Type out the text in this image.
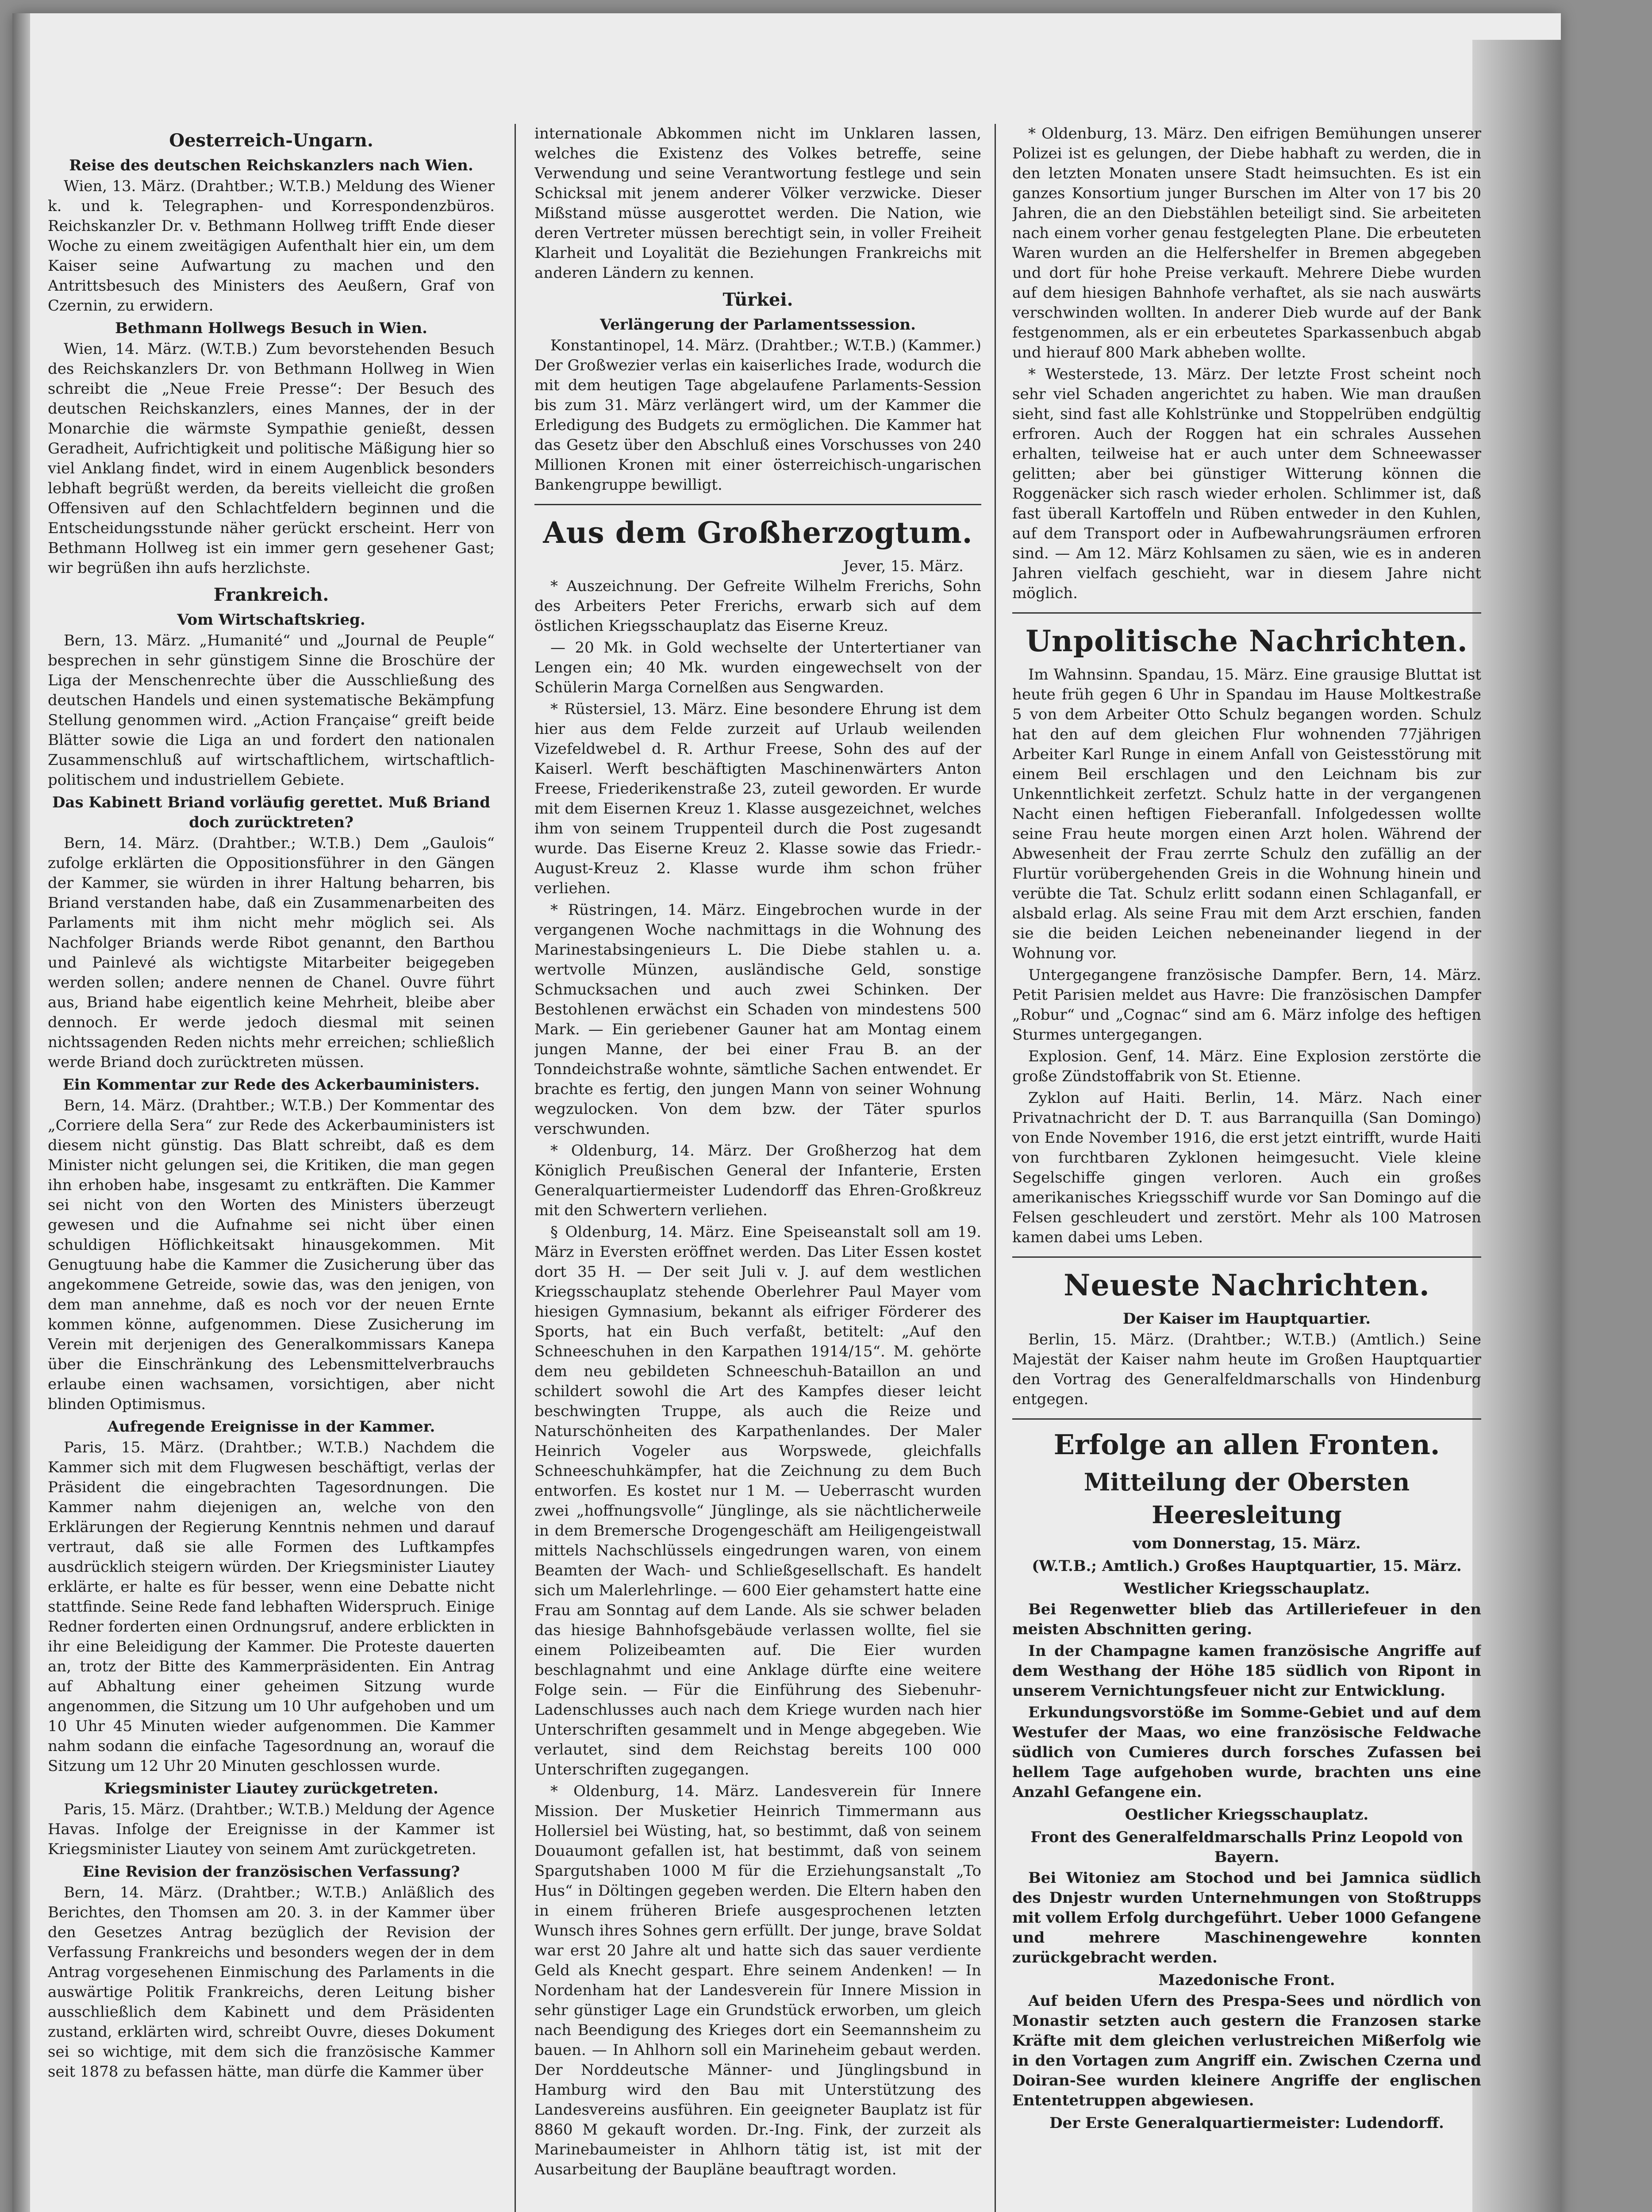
Oesterreich-Ungarn.
Reise des deutschen Reichskanzlers nach Wien.

Wien, 13. März. (Drahtber.; W.T.B.) Meldung des Wiener k. und k. Telegraphen- und Korrespondenzbüros. Reichskanzler Dr. v. Bethmann Hollweg trifft Ende dieser Woche zu einem zweitägigen Aufenthalt hier ein, um dem Kaiser seine Aufwartung zu machen und den Antrittsbesuch des Ministers des Aeußern, Graf von Czernin, zu erwidern.

Bethmann Hollwegs Besuch in Wien.

Wien, 14. März. (W.T.B.) Zum bevorstehenden Besuch des Reichskanzlers Dr. von Bethmann Hollweg in Wien schreibt die „Neue Freie Presse“: Der Besuch des deutschen Reichskanzlers, eines Mannes, der in der Monarchie die wärmste Sympathie genießt, dessen Geradheit, Aufrichtigkeit und politische Mäßigung hier so viel Anklang findet, wird in einem Augenblick besonders lebhaft begrüßt werden, da bereits vielleicht die großen Offensiven auf den Schlachtfeldern beginnen und die Entscheidungsstunde näher gerückt erscheint. Herr von Bethmann Hollweg ist ein immer gern gesehener Gast; wir begrüßen ihn aufs herzlichste.

Frankreich.
Vom Wirtschaftskrieg.

Bern, 13. März. „Humanité“ und „Journal de Peuple“ besprechen in sehr günstigem Sinne die Broschüre der Liga der Menschenrechte über die Ausschließung des deutschen Handels und einen systematische Bekämpfung Stellung genommen wird. „Action Française“ greift beide Blätter sowie die Liga an und fordert den nationalen Zusammenschluß auf wirtschaftlichem, wirtschaftlich-politischem und industriellem Gebiete.

Das Kabinett Briand vorläufig gerettet. Muß Briand doch zurücktreten?

Bern, 14. März. (Drahtber.; W.T.B.) Dem „Gaulois“ zufolge erklärten die Oppositionsführer in den Gängen der Kammer, sie würden in ihrer Haltung beharren, bis Briand verstanden habe, daß ein Zusammenarbeiten des Parlaments mit ihm nicht mehr möglich sei. Als Nachfolger Briands werde Ribot genannt, den Barthou und Painlevé als wichtigste Mitarbeiter beigegeben werden sollen; andere nennen de Chanel. Ouvre führt aus, Briand habe eigentlich keine Mehrheit, bleibe aber dennoch. Er werde jedoch diesmal mit seinen nichtssagenden Reden nichts mehr erreichen; schließlich werde Briand doch zurücktreten müssen.

Ein Kommentar zur Rede des Ackerbauministers.

Bern, 14. März. (Drahtber.; W.T.B.) Der Kommentar des „Corriere della Sera“ zur Rede des Ackerbauministers ist diesem nicht günstig. Das Blatt schreibt, daß es dem Minister nicht gelungen sei, die Kritiken, die man gegen ihn erhoben habe, insgesamt zu entkräften. Die Kammer sei nicht von den Worten des Ministers überzeugt gewesen und die Aufnahme sei nicht über einen schuldigen Höflichkeitsakt hinausgekommen. Mit Genugtuung habe die Kammer die Zusicherung über das angekommene Getreide, sowie das, was den jenigen, von dem man annehme, daß es noch vor der neuen Ernte kommen könne, aufgenommen. Diese Zusicherung im Verein mit derjenigen des Generalkommissars Kanepa über die Einschränkung des Lebensmittelverbrauchs erlaube einen wachsamen, vorsichtigen, aber nicht blinden Optimismus.

Aufregende Ereignisse in der Kammer.

Paris, 15. März. (Drahtber.; W.T.B.) Nachdem die Kammer sich mit dem Flugwesen beschäftigt, verlas der Präsident die eingebrachten Tagesordnungen. Die Kammer nahm diejenigen an, welche von den Erklärungen der Regierung Kenntnis nehmen und darauf vertraut, daß sie alle Formen des Luftkampfes ausdrücklich steigern würden. Der Kriegsminister Liautey erklärte, er halte es für besser, wenn eine Debatte nicht stattfinde. Seine Rede fand lebhaften Widerspruch. Einige Redner forderten einen Ordnungsruf, andere erblickten in ihr eine Beleidigung der Kammer. Die Proteste dauerten an, trotz der Bitte des Kammerpräsidenten. Ein Antrag auf Abhaltung einer geheimen Sitzung wurde angenommen, die Sitzung um 10 Uhr aufgehoben und um 10 Uhr 45 Minuten wieder aufgenommen. Die Kammer nahm sodann die einfache Tagesordnung an, worauf die Sitzung um 12 Uhr 20 Minuten geschlossen wurde.

Kriegsminister Liautey zurückgetreten.

Paris, 15. März. (Drahtber.; W.T.B.) Meldung der Agence Havas. Infolge der Ereignisse in der Kammer ist Kriegsminister Liautey von seinem Amt zurückgetreten.

Eine Revision der französischen Verfassung?

Bern, 14. März. (Drahtber.; W.T.B.) Anläßlich des Berichtes, den Thomsen am 20. 3. in der Kammer über den Gesetzes Antrag bezüglich der Revision der Verfassung Frankreichs und besonders wegen der in dem Antrag vorgesehenen Einmischung des Parlaments in die auswärtige Politik Frankreichs, deren Leitung bisher ausschließlich dem Kabinett und dem Präsidenten zustand, erklärten wird, schreibt Ouvre, dieses Dokument sei so wichtige, mit dem sich die französische Kammer seit 1878 zu befassen hätte, man dürfe die Kammer über

internationale Abkommen nicht im Unklaren lassen, welches die Existenz des Volkes betreffe, seine Verwendung und seine Verantwortung festlege und sein Schicksal mit jenem anderer Völker verzwicke. Dieser Mißstand müsse ausgerottet werden. Die Nation, wie deren Vertreter müssen berechtigt sein, in voller Freiheit Klarheit und Loyalität die Beziehungen Frankreichs mit anderen Ländern zu kennen.

Türkei.
Verlängerung der Parlamentssession.

Konstantinopel, 14. März. (Drahtber.; W.T.B.) (Kammer.) Der Großwezier verlas ein kaiserliches Irade, wodurch die mit dem heutigen Tage abgelaufene Parlaments-Session bis zum 31. März verlängert wird, um der Kammer die Erledigung des Budgets zu ermöglichen. Die Kammer hat das Gesetz über den Abschluß eines Vorschusses von 240 Millionen Kronen mit einer österreichisch-ungarischen Bankengruppe bewilligt.

Aus dem Großherzogtum.
Jever, 15. März.

* Auszeichnung. Der Gefreite Wilhelm Frerichs, Sohn des Arbeiters Peter Frerichs, erwarb sich auf dem östlichen Kriegsschauplatz das Eiserne Kreuz.

— 20 Mk. in Gold wechselte der Untertertianer van Lengen ein; 40 Mk. wurden eingewechselt von der Schülerin Marga Cornelßen aus Sengwarden.

* Rüstersiel, 13. März. Eine besondere Ehrung ist dem hier aus dem Felde zurzeit auf Urlaub weilenden Vizefeldwebel d. R. Arthur Freese, Sohn des auf der Kaiserl. Werft beschäftigten Maschinenwärters Anton Freese, Friederikenstraße 23, zuteil geworden. Er wurde mit dem Eisernen Kreuz 1. Klasse ausgezeichnet, welches ihm von seinem Truppenteil durch die Post zugesandt wurde. Das Eiserne Kreuz 2. Klasse sowie das Friedr.-August-Kreuz 2. Klasse wurde ihm schon früher verliehen.

* Rüstringen, 14. März. Eingebrochen wurde in der vergangenen Woche nachmittags in die Wohnung des Marinestabsingenieurs L. Die Diebe stahlen u. a. wertvolle Münzen, ausländische Geld, sonstige Schmucksachen und auch zwei Schinken. Der Bestohlenen erwächst ein Schaden von mindestens 500 Mark. — Ein geriebener Gauner hat am Montag einem jungen Manne, der bei einer Frau B. an der Tonndeichstraße wohnte, sämtliche Sachen entwendet. Er brachte es fertig, den jungen Mann von seiner Wohnung wegzulocken. Von dem bzw. der Täter spurlos verschwunden.

* Oldenburg, 14. März. Der Großherzog hat dem Königlich Preußischen General der Infanterie, Ersten Generalquartiermeister Ludendorff das Ehren-Großkreuz mit den Schwertern verliehen.

§ Oldenburg, 14. März. Eine Speiseanstalt soll am 19. März in Eversten eröffnet werden. Das Liter Essen kostet dort 35 H. — Der seit Juli v. J. auf dem westlichen Kriegsschauplatz stehende Oberlehrer Paul Mayer vom hiesigen Gymnasium, bekannt als eifriger Förderer des Sports, hat ein Buch verfaßt, betitelt: „Auf den Schneeschuhen in den Karpathen 1914/15“. M. gehörte dem neu gebildeten Schneeschuh-Bataillon an und schildert sowohl die Art des Kampfes dieser leicht beschwingten Truppe, als auch die Reize und Naturschönheiten des Karpathenlandes. Der Maler Heinrich Vogeler aus Worpswede, gleichfalls Schneeschuhkämpfer, hat die Zeichnung zu dem Buch entworfen. Es kostet nur 1 M. — Ueberrascht wurden zwei „hoffnungsvolle“ Jünglinge, als sie nächtlicherweile in dem Bremersche Drogengeschäft am Heiligengeistwall mittels Nachschlüssels eingedrungen waren, von einem Beamten der Wach- und Schließgesellschaft. Es handelt sich um Malerlehrlinge. — 600 Eier gehamstert hatte eine Frau am Sonntag auf dem Lande. Als sie schwer beladen das hiesige Bahnhofsgebäude verlassen wollte, fiel sie einem Polizeibeamten auf. Die Eier wurden beschlagnahmt und eine Anklage dürfte eine weitere Folge sein. — Für die Einführung des Siebenuhr-Ladenschlusses auch nach dem Kriege wurden nach hier Unterschriften gesammelt und in Menge abgegeben. Wie verlautet, sind dem Reichstag bereits 100 000 Unterschriften zugegangen.

* Oldenburg, 14. März. Landesverein für Innere Mission. Der Musketier Heinrich Timmermann aus Hollersiel bei Wüsting, hat, so bestimmt, daß von seinem Douaumont gefallen ist, hat bestimmt, daß von seinem Spargutshaben 1000 M für die Erziehungsanstalt „To Hus“ in Döltingen gegeben werden. Die Eltern haben den in einem früheren Briefe ausgesprochenen letzten Wunsch ihres Sohnes gern erfüllt. Der junge, brave Soldat war erst 20 Jahre alt und hatte sich das sauer verdiente Geld als Knecht gespart. Ehre seinem Andenken! — In Nordenham hat der Landesverein für Innere Mission in sehr günstiger Lage ein Grundstück erworben, um gleich nach Beendigung des Krieges dort ein Seemannsheim zu bauen. — In Ahlhorn soll ein Marineheim gebaut werden. Der Norddeutsche Männer- und Jünglingsbund in Hamburg wird den Bau mit Unterstützung des Landesvereins ausführen. Ein geeigneter Bauplatz ist für 8860 M gekauft worden. Dr.-Ing. Fink, der zurzeit als Marinebaumeister in Ahlhorn tätig ist, ist mit der Ausarbeitung der Baupläne beauftragt worden.

* Oldenburg, 13. März. Den eifrigen Bemühungen unserer Polizei ist es gelungen, der Diebe habhaft zu werden, die in den letzten Monaten unsere Stadt heimsuchten. Es ist ein ganzes Konsortium junger Burschen im Alter von 17 bis 20 Jahren, die an den Diebstählen beteiligt sind. Sie arbeiteten nach einem vorher genau festgelegten Plane. Die erbeuteten Waren wurden an die Helfershelfer in Bremen abgegeben und dort für hohe Preise verkauft. Mehrere Diebe wurden auf dem hiesigen Bahnhofe verhaftet, als sie nach auswärts verschwinden wollten. In anderer Dieb wurde auf der Bank festgenommen, als er ein erbeutetes Sparkassenbuch abgab und hierauf 800 Mark abheben wollte.

* Westerstede, 13. März. Der letzte Frost scheint noch sehr viel Schaden angerichtet zu haben. Wie man draußen sieht, sind fast alle Kohlstrünke und Stoppelrüben endgültig erfroren. Auch der Roggen hat ein schrales Aussehen erhalten, teilweise hat er auch unter dem Schneewasser gelitten; aber bei günstiger Witterung können die Roggenäcker sich rasch wieder erholen. Schlimmer ist, daß fast überall Kartoffeln und Rüben entweder in den Kuhlen, auf dem Transport oder in Aufbewahrungsräumen erfroren sind. — Am 12. März Kohlsamen zu säen, wie es in anderen Jahren vielfach geschieht, war in diesem Jahre nicht möglich.

Unpolitische Nachrichten.

Im Wahnsinn. Spandau, 15. März. Eine grausige Bluttat ist heute früh gegen 6 Uhr in Spandau im Hause Moltkestraße 5 von dem Arbeiter Otto Schulz begangen worden. Schulz hat den auf dem gleichen Flur wohnenden 77jährigen Arbeiter Karl Runge in einem Anfall von Geistesstörung mit einem Beil erschlagen und den Leichnam bis zur Unkenntlichkeit zerfetzt. Schulz hatte in der vergangenen Nacht einen heftigen Fieberanfall. Infolgedessen wollte seine Frau heute morgen einen Arzt holen. Während der Abwesenheit der Frau zerrte Schulz den zufällig an der Flurtür vorübergehenden Greis in die Wohnung hinein und verübte die Tat. Schulz erlitt sodann einen Schlaganfall, er alsbald erlag. Als seine Frau mit dem Arzt erschien, fanden sie die beiden Leichen nebeneinander liegend in der Wohnung vor.

Untergegangene französische Dampfer. Bern, 14. März. Petit Parisien meldet aus Havre: Die französischen Dampfer „Robur“ und „Cognac“ sind am 6. März infolge des heftigen Sturmes untergegangen.

Explosion. Genf, 14. März. Eine Explosion zerstörte die große Zündstoffabrik von St. Etienne.

Zyklon auf Haiti. Berlin, 14. März. Nach einer Privatnachricht der D. T. aus Barranquilla (San Domingo) von Ende November 1916, die erst jetzt eintrifft, wurde Haiti von furchtbaren Zyklonen heimgesucht. Viele kleine Segelschiffe gingen verloren. Auch ein großes amerikanisches Kriegsschiff wurde vor San Domingo auf die Felsen geschleudert und zerstört. Mehr als 100 Matrosen kamen dabei ums Leben.

Neueste Nachrichten.
Der Kaiser im Hauptquartier.

Berlin, 15. März. (Drahtber.; W.T.B.) (Amtlich.) Seine Majestät der Kaiser nahm heute im Großen Hauptquartier den Vortrag des Generalfeldmarschalls von Hindenburg entgegen.

Erfolge an allen Fronten.
Mitteilung der Obersten Heeresleitung
vom Donnerstag, 15. März.
(W.T.B.; Amtlich.) Großes Hauptquartier, 15. März.
Westlicher Kriegsschauplatz.

Bei Regenwetter blieb das Artilleriefeuer in den meisten Abschnitten gering.

In der Champagne kamen französische Angriffe auf dem Westhang der Höhe 185 südlich von Ripont in unserem Vernichtungsfeuer nicht zur Entwicklung.

Erkundungsvorstöße im Somme-Gebiet und auf dem Westufer der Maas, wo eine französische Feldwache südlich von Cumieres durch forsches Zufassen bei hellem Tage aufgehoben wurde, brachten uns eine Anzahl Gefangene ein.

Oestlicher Kriegsschauplatz.
Front des Generalfeldmarschalls Prinz Leopold von Bayern.

Bei Witoniez am Stochod und bei Jamnica südlich des Dnjestr wurden Unternehmungen von Stoßtrupps mit vollem Erfolg durchgeführt. Ueber 1000 Gefangene und mehrere Maschinengewehre konnten zurückgebracht werden.

Mazedonische Front.

Auf beiden Ufern des Prespa-Sees und nördlich von Monastir setzten auch gestern die Franzosen starke Kräfte mit dem gleichen verlustreichen Mißerfolg wie in den Vortagen zum Angriff ein. Zwischen Czerna und Doiran-See wurden kleinere Angriffe der englischen Ententetruppen abgewiesen.

Der Erste Generalquartiermeister: Ludendorff.
